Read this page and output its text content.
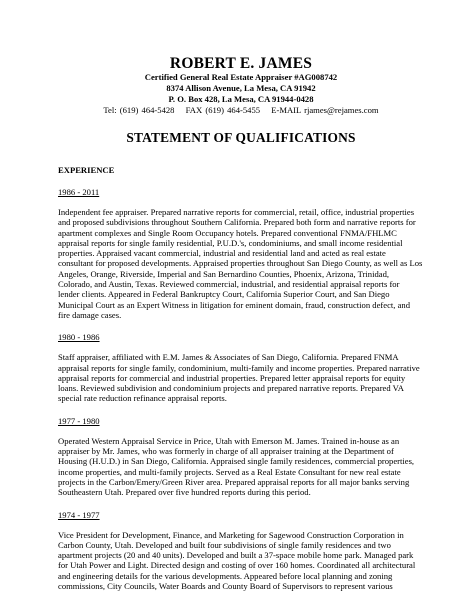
ROBERT E. JAMES
Certified General Real Estate Appraiser #AG008742
8374 Allison Avenue, La Mesa, CA 91942
P. O. Box 428, La Mesa, CA 91944-0428
Tel: (619) 464-5428 FAX (619) 464-5455 E-MAIL rjames@rejames.com
STATEMENT OF QUALIFICATIONS
EXPERIENCE
1986 - 2011
Independent fee appraiser. Prepared narrative reports for commercial, retail, office, industrial properties
and proposed subdivisions throughout Southern California. Prepared both form and narrative reports for
apartment complexes and Single Room Occupancy hotels. Prepared conventional FNMA/FHLMC
appraisal reports for single family residential, P.U.D.'s, condominiums, and small income residential
properties. Appraised vacant commercial, industrial and residential land and acted as real estate
consultant for proposed developments. Appraised properties throughout San Diego County, as well as Los
Angeles, Orange, Riverside, Imperial and San Bernardino Counties, Phoenix, Arizona, Trinidad,
Colorado, and Austin, Texas. Reviewed commercial, industrial, and residential appraisal reports for
lender clients. Appeared in Federal Bankruptcy Court, California Superior Court, and San Diego
Municipal Court as an Expert Witness in litigation for eminent domain, fraud, construction defect, and
fire damage cases.
1980 - 1986
Staff appraiser, affiliated with E.M. James & Associates of San Diego, California. Prepared FNMA
appraisal reports for single family, condominium, multi-family and income properties. Prepared narrative
appraisal reports for commercial and industrial properties. Prepared letter appraisal reports for equity
loans. Reviewed subdivision and condominium projects and prepared narrative reports. Prepared VA
special rate reduction refinance appraisal reports.
1977 - 1980
Operated Western Appraisal Service in Price, Utah with Emerson M. James. Trained in-house as an
appraiser by Mr. James, who was formerly in charge of all appraiser training at the Department of
Housing (H.U.D.) in San Diego, California. Appraised single family residences, commercial properties,
income properties, and multi-family projects. Served as a Real Estate Consultant for new real estate
projects in the Carbon/Emery/Green River area. Prepared appraisal reports for all major banks serving
Southeastern Utah. Prepared over five hundred reports during this period.
1974 - 1977
Vice President for Development, Finance, and Marketing for Sagewood Construction Corporation in
Carbon County, Utah. Developed and built four subdivisions of single family residences and two
apartment projects (20 and 40 units). Developed and built a 37-space mobile home park. Managed park
for Utah Power and Light. Directed design and costing of over 160 homes. Coordinated all architectural
and engineering details for the various developments. Appeared before local planning and zoning
commissions, City Councils, Water Boards and County Board of Supervisors to represent various
